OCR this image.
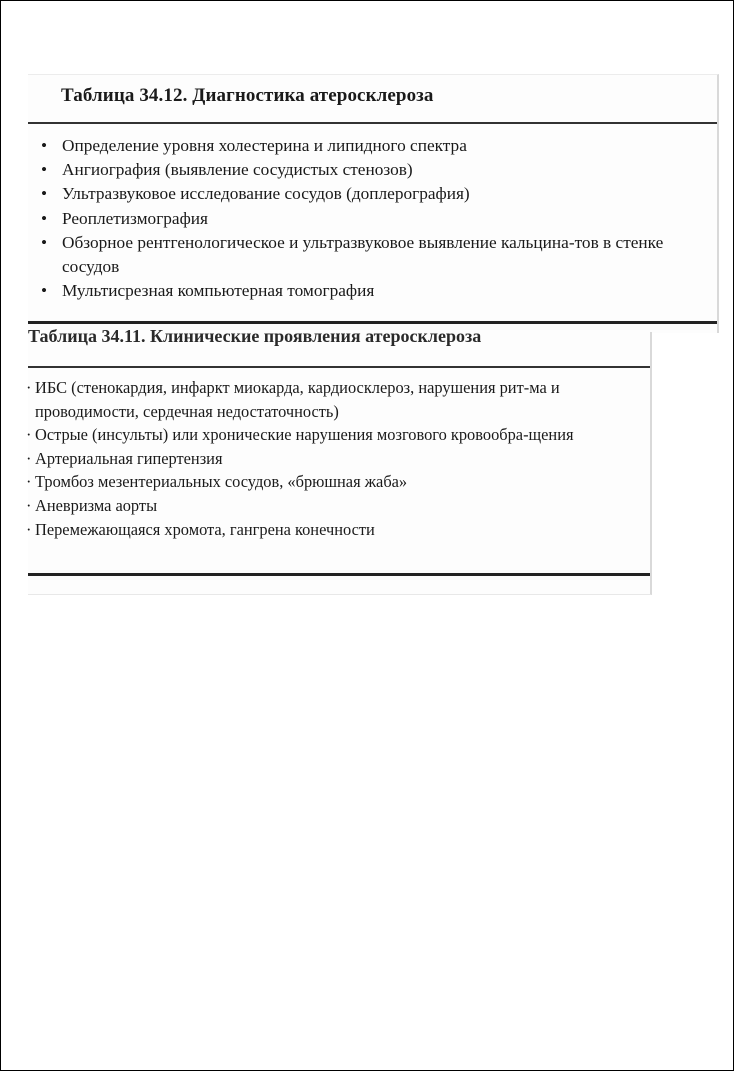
Таблица 34.12. Диагностика атеросклероза
• Определение уровня холестерина и липидного спектра
• Ангиография (выявление сосудистых стенозов)
• Ультразвуковое исследование сосудов (доплерография)
• Реоплетизмография
• Обзорное рентгенологическое и ультразвуковое выявление кальцина-тов в стенке сосудов
• Мультисрезная компьютерная томография
Таблица 34.11. Клинические проявления атеросклероза
· ИБС (стенокардия, инфаркт миокарда, кардиосклероз, нарушения рит-ма и проводимости, сердечная недостаточность)
· Острые (инсульты) или хронические нарушения мозгового кровообра-щения
· Артериальная гипертензия
· Тромбоз мезентериальных сосудов, «брюшная жаба»
· Аневризма аорты
· Перемежающаяся хромота, гангрена конечности
